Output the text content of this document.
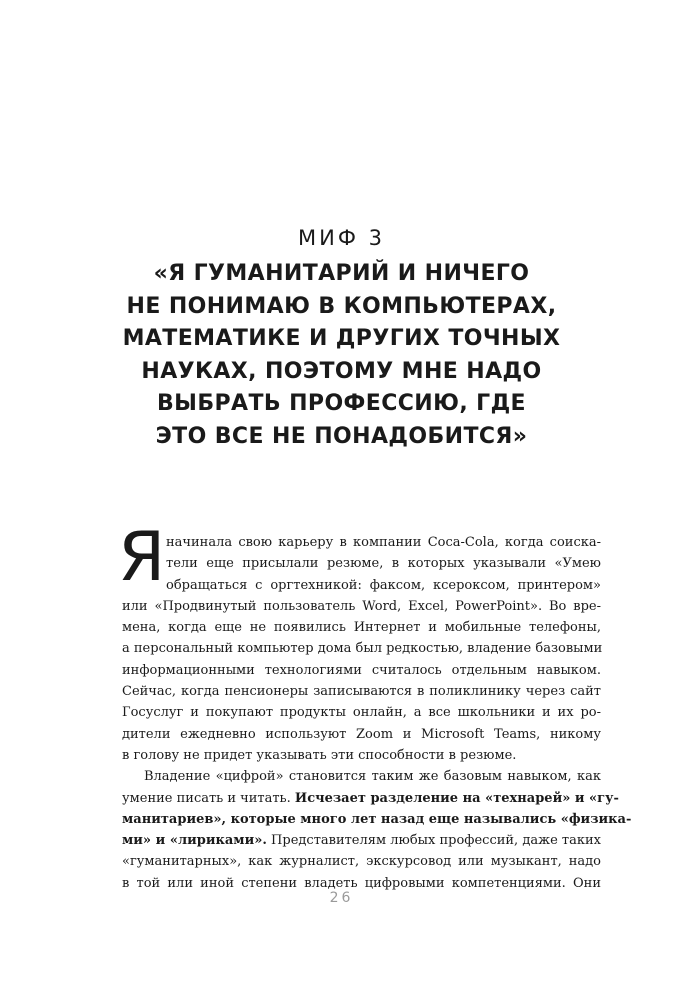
МИФ 3
«Я ГУМАНИТАРИЙ И НИЧЕГО
НЕ ПОНИМАЮ В КОМПЬЮТЕРАХ,
МАТЕМАТИКЕ И ДРУГИХ ТОЧНЫХ
НАУКАХ, ПОЭТОМУ МНЕ НАДО
ВЫБРАТЬ ПРОФЕССИЮ, ГДЕ
ЭТО ВСЕ НЕ ПОНАДОБИТСЯ»
Я начинала свою карьеру в компании Coca-Cola, когда соиска-
тели еще присылали резюме, в которых указывали «Умею
обращаться с оргтехникой: факсом, ксероксом, принтером»
или «Продвинутый пользователь Word, Excel, PowerPoint». Во вре-
мена, когда еще не появились Интернет и мобильные телефоны,
а персональный компьютер дома был редкостью, владение базовыми
информационными технологиями считалось отдельным навыком.
Сейчас, когда пенсионеры записываются в поликлинику через сайт
Госуслуг и покупают продукты онлайн, а все школьники и их ро-
дители ежедневно используют Zoom и Microsoft Teams, никому
в голову не придет указывать эти способности в резюме.
Владение «цифрой» становится таким же базовым навыком, как
умение писать и читать. Исчезает разделение на «технарей» и «гу-
манитариев», которые много лет назад еще назывались «физика-
ми» и «лириками». Представителям любых профессий, даже таких
«гуманитарных», как журналист, экскурсовод или музыкант, надо
в той или иной степени владеть цифровыми компетенциями. Они
26
